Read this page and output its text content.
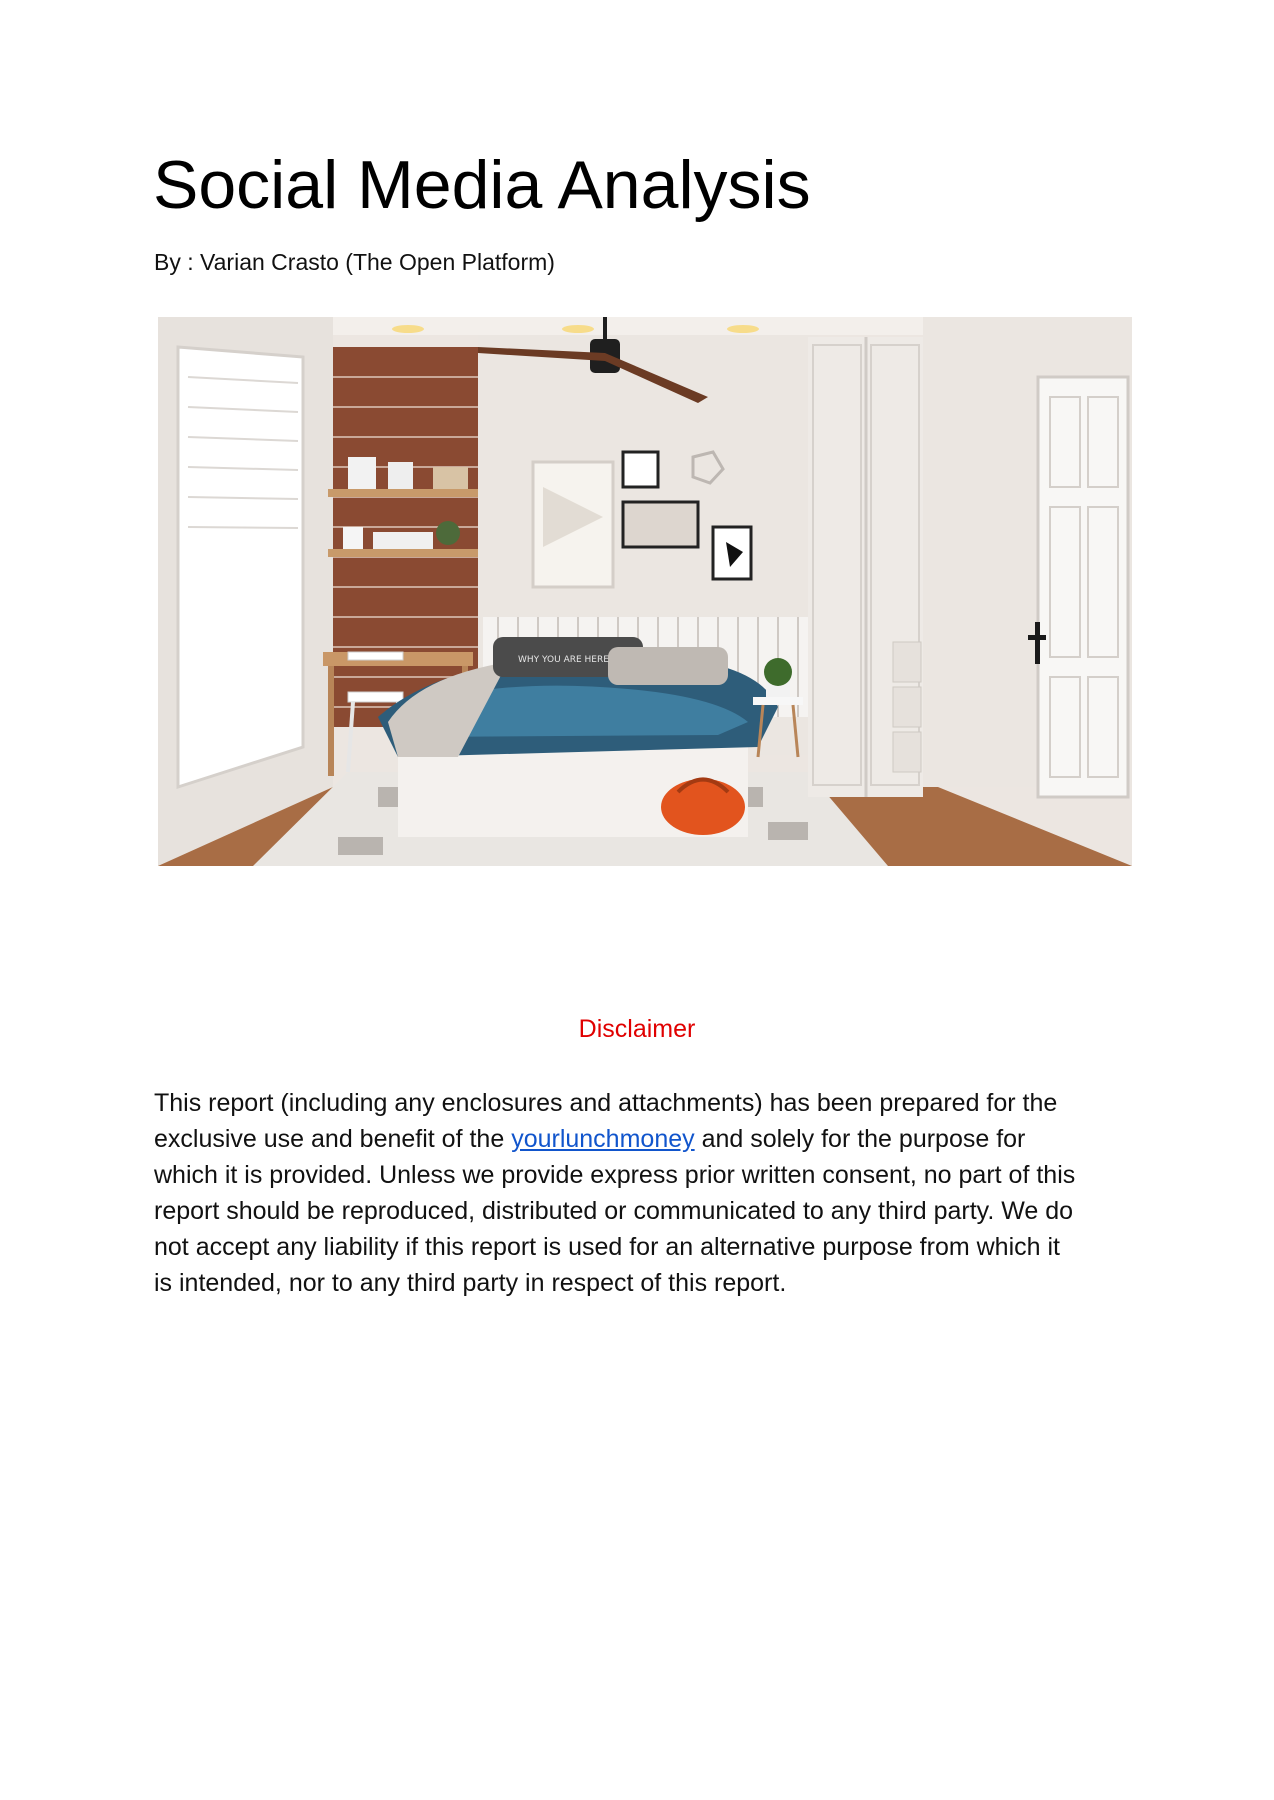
Social Media Analysis
By : Varian Crasto (The Open Platform)
WHY YOU ARE HERE
Disclaimer

This report (including any enclosures and attachments) has been prepared for the
exclusive use and benefit of the yourlunchmoney and solely for the purpose for
which it is provided. Unless we provide express prior written consent, no part of this
report should be reproduced, distributed or communicated to any third party. We do
not accept any liability if this report is used for an alternative purpose from which it
is intended, nor to any third party in respect of this report.
